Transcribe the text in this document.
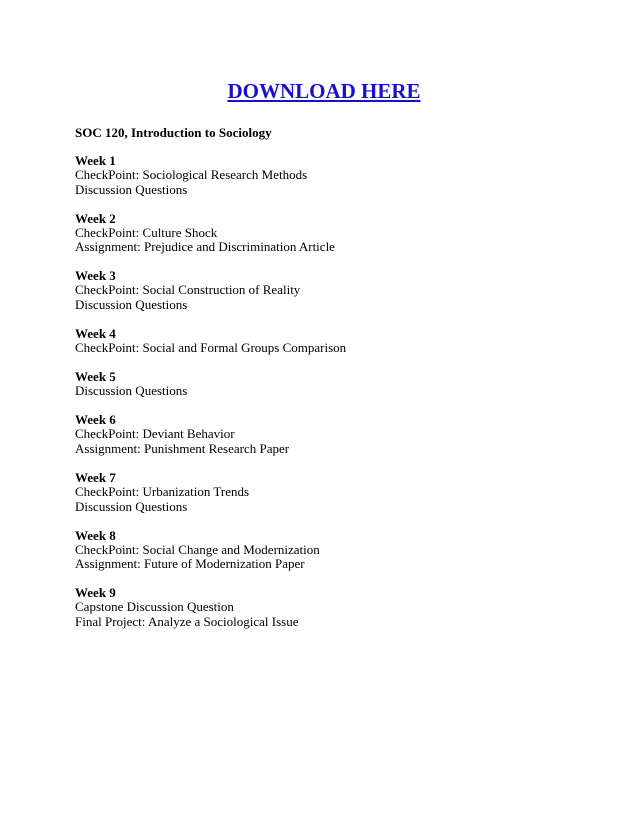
DOWNLOAD HERE
SOC 120, Introduction to Sociology
Week 1
CheckPoint: Sociological Research Methods
Discussion Questions
Week 2
CheckPoint: Culture Shock
Assignment: Prejudice and Discrimination Article
Week 3
CheckPoint: Social Construction of Reality
Discussion Questions
Week 4
CheckPoint: Social and Formal Groups Comparison
Week 5
Discussion Questions
Week 6
CheckPoint: Deviant Behavior
Assignment: Punishment Research Paper
Week 7
CheckPoint: Urbanization Trends
Discussion Questions
Week 8
CheckPoint: Social Change and Modernization
Assignment: Future of Modernization Paper
Week 9
Capstone Discussion Question
Final Project: Analyze a Sociological Issue
